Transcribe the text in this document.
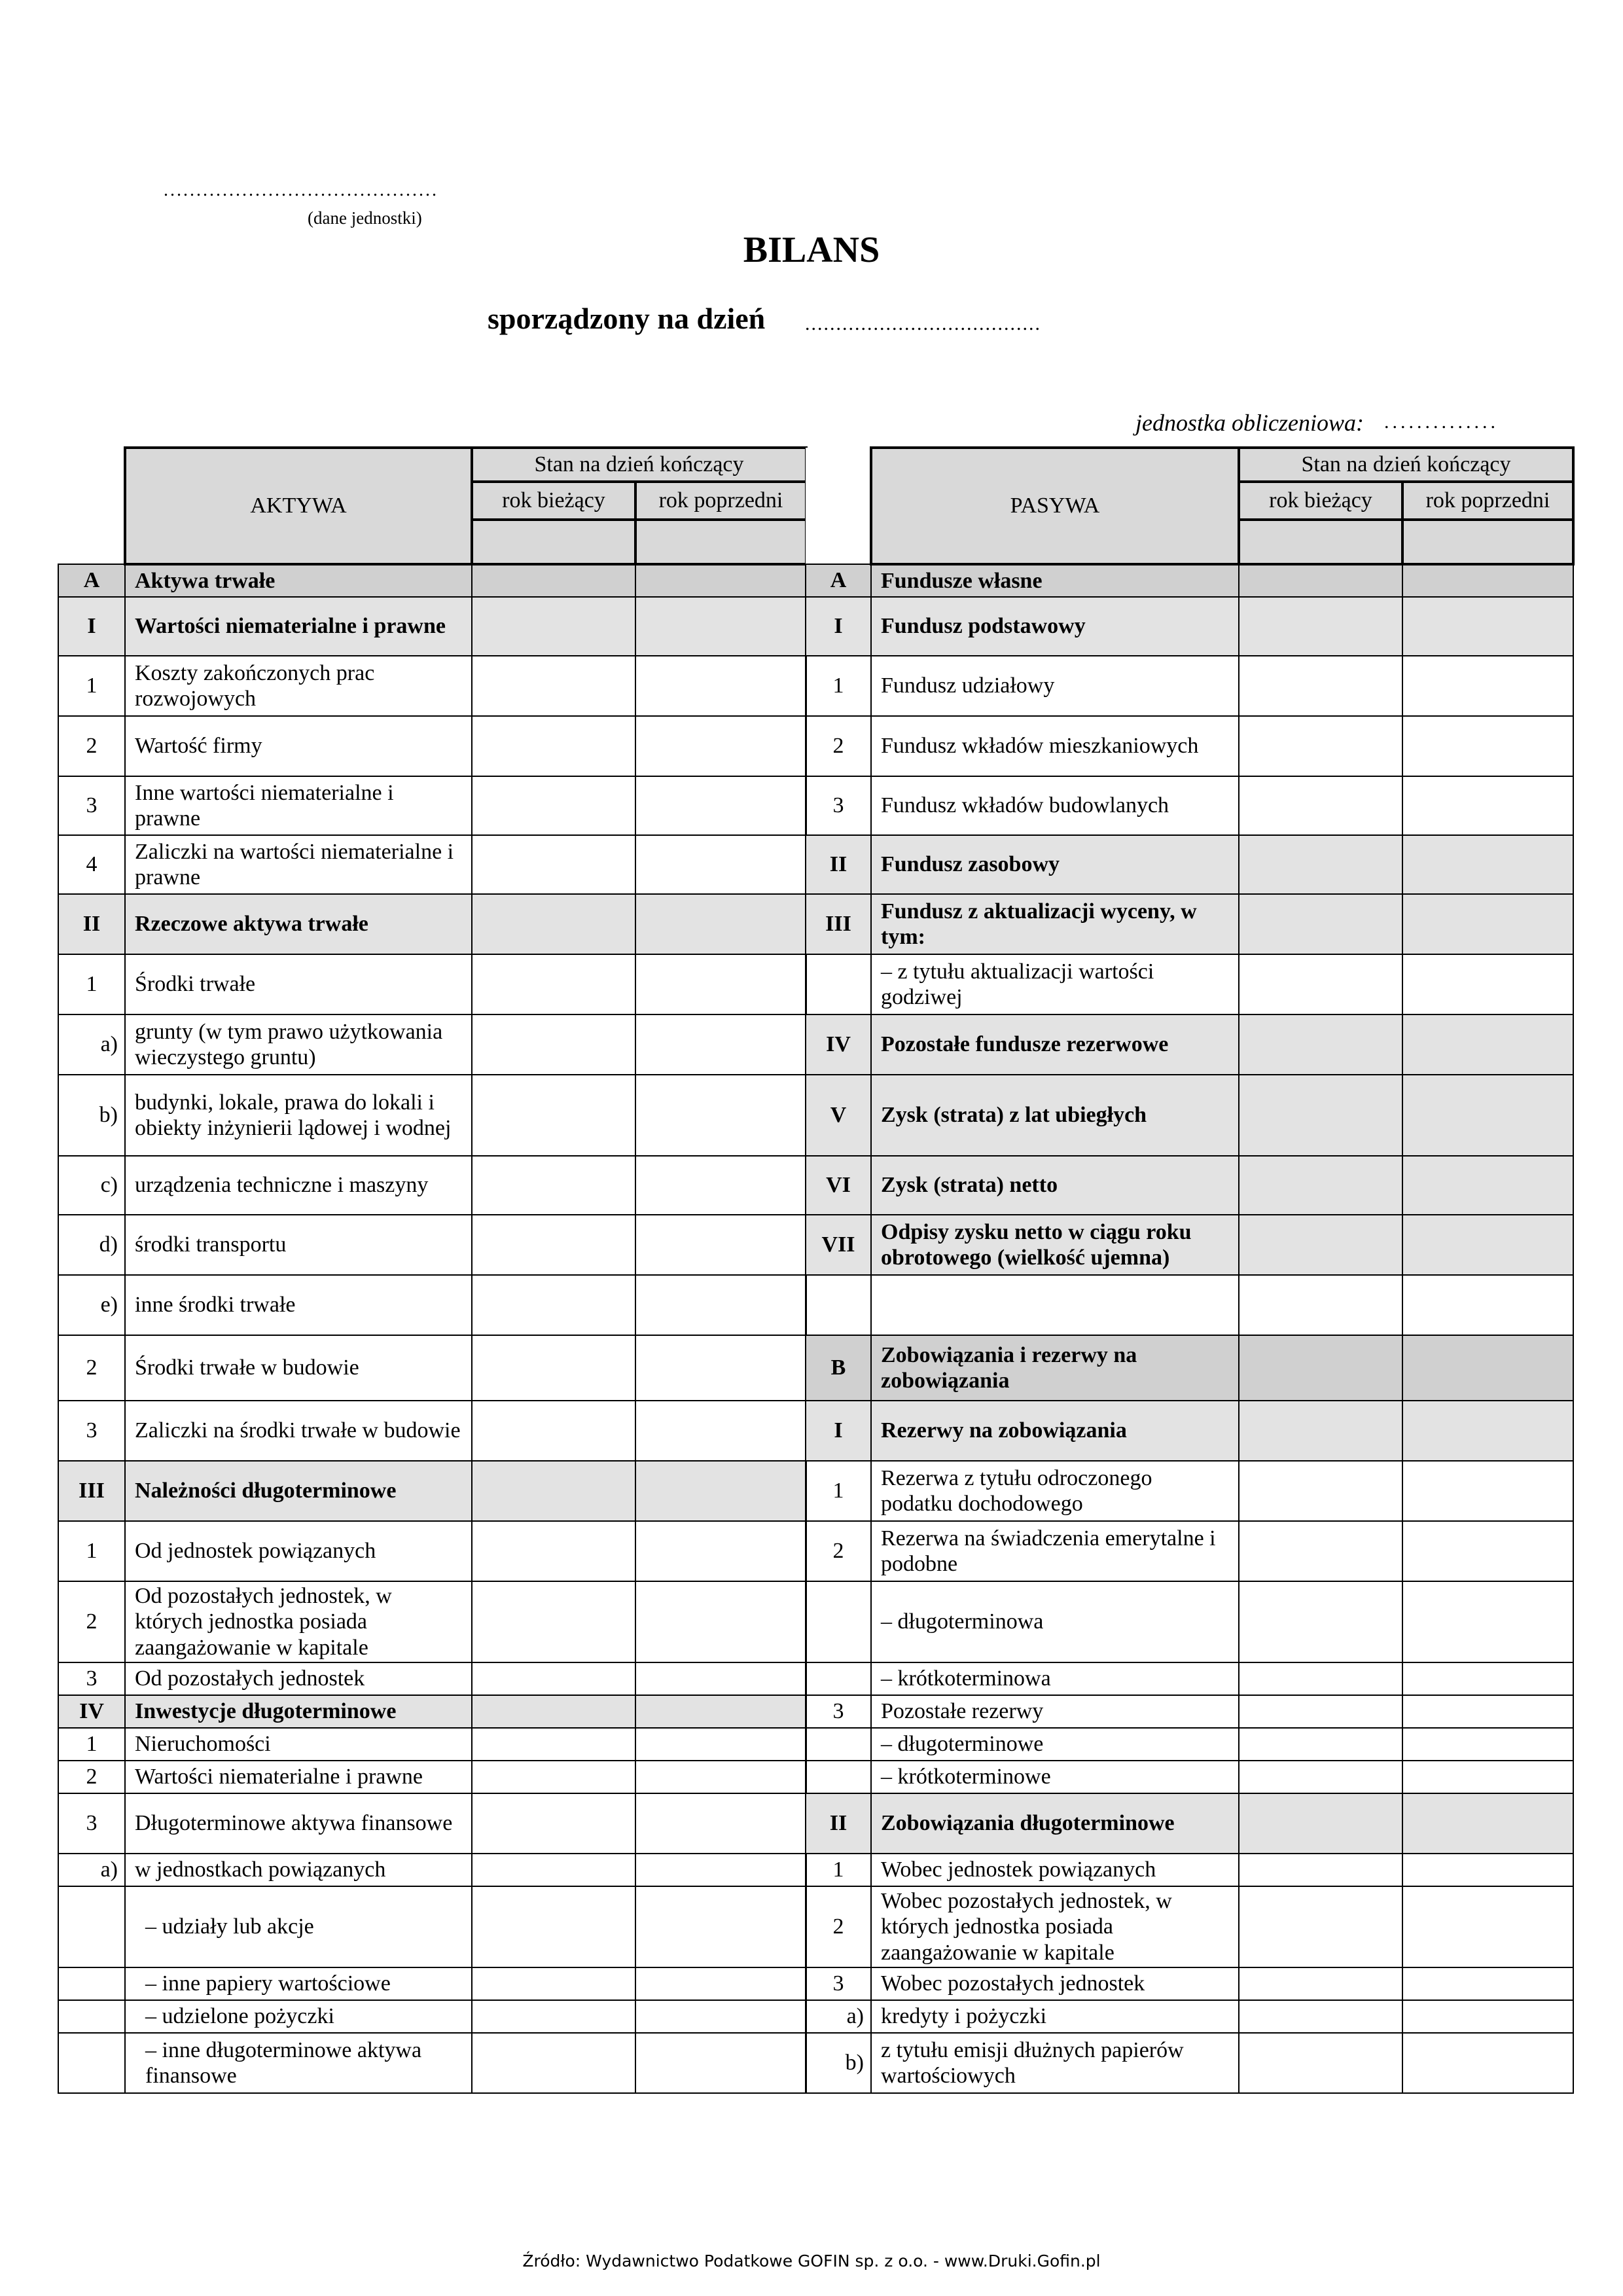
..........................................
(dane jednostki)
BILANS
sporządzony na dzień ......................................
jednostka obliczeniowa: ..............
	AKTYWA	Stan na dzień kończący	
		rok bieżący	rok poprzedni

A	Aktywa trwałe		
I	Wartości niematerialne i prawne		
1	Koszty zakończonych prac rozwojowych		
2	Wartość firmy		
3	Inne wartości niematerialne i prawne		
4	Zaliczki na wartości niematerialne i prawne		
II	Rzeczowe aktywa trwałe		
1	Środki trwałe		
a)	grunty (w tym prawo użytkowania wieczystego gruntu)		
b)	budynki, lokale, prawa do lokali i obiekty inżynierii lądowej i wodnej		
c)	urządzenia techniczne i maszyny		
d)	środki transportu		
e)	inne środki trwałe		
2	Środki trwałe w budowie		
3	Zaliczki na środki trwałe w budowie		
III	Należności długoterminowe		
1	Od jednostek powiązanych		
2	Od pozostałych jednostek, w których jednostka posiada zaangażowanie w kapitale		
3	Od pozostałych jednostek		
IV	Inwestycje długoterminowe		
1	Nieruchomości		
2	Wartości niematerialne i prawne		
3	Długoterminowe aktywa finansowe		
a)	w jednostkach powiązanych		
	– udziały lub akcje		
	– inne papiery wartościowe		
	– udzielone pożyczki		
	– inne długoterminowe aktywa finansowe		
	PASYWA	Stan na dzień kończący	
		rok bieżący	rok poprzedni

A	Fundusze własne		
I	Fundusz podstawowy		
1	Fundusz udziałowy		
2	Fundusz wkładów mieszkaniowych		
3	Fundusz wkładów budowlanych		
II	Fundusz zasobowy		
III	Fundusz z aktualizacji wyceny, w tym:		
	– z tytułu aktualizacji wartości godziwej		
IV	Pozostałe fundusze rezerwowe		
V	Zysk (strata) z lat ubiegłych		
VI	Zysk (strata) netto		
VII	Odpisy zysku netto w ciągu roku obrotowego (wielkość ujemna)		

B	Zobowiązania i rezerwy na zobowiązania		
I	Rezerwy na zobowiązania		
1	Rezerwa z tytułu odroczonego podatku dochodowego		
2	Rezerwa na świadczenia emerytalne i podobne		
	– długoterminowa		
	– krótkoterminowa		
3	Pozostałe rezerwy		
	– długoterminowe		
	– krótkoterminowe		
II	Zobowiązania długoterminowe		
1	Wobec jednostek powiązanych		
2	Wobec pozostałych jednostek, w których jednostka posiada zaangażowanie w kapitale		
3	Wobec pozostałych jednostek		
a)	kredyty i pożyczki		
b)	z tytułu emisji dłużnych papierów wartościowych		
Źródło: Wydawnictwo Podatkowe GOFIN sp. z o.o. - www.Druki.Gofin.pl
